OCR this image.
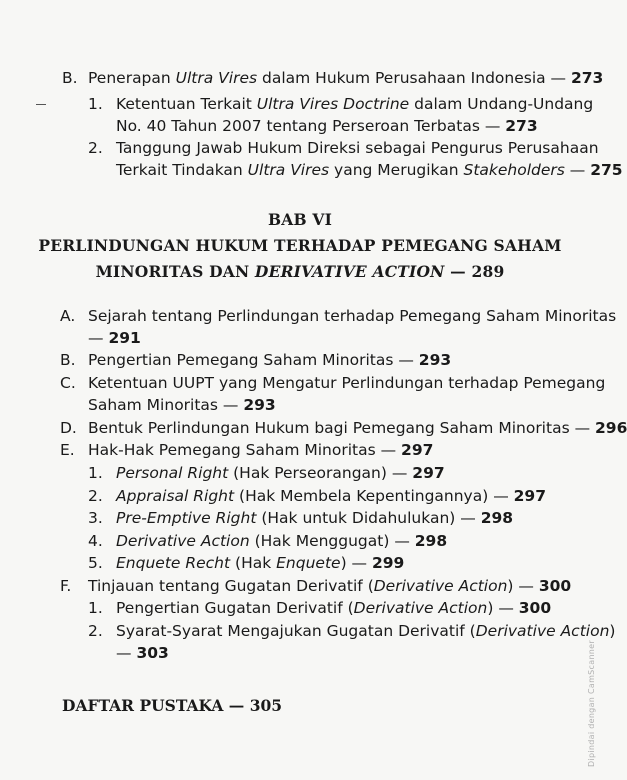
B. Penerapan Ultra Vires dalam Hukum Perusahaan Indonesia — 273
1. Ketentuan Terkait Ultra Vires Doctrine dalam Undang-Undang
No. 40 Tahun 2007 tentang Perseroan Terbatas — 273
2. Tanggung Jawab Hukum Direksi sebagai Pengurus Perusahaan
Terkait Tindakan Ultra Vires yang Merugikan Stakeholders — 275
BAB VI
PERLINDUNGAN HUKUM TERHADAP PEMEGANG SAHAM
MINORITAS DAN DERIVATIVE ACTION — 289
A. Sejarah tentang Perlindungan terhadap Pemegang Saham Minoritas
— 291
B. Pengertian Pemegang Saham Minoritas — 293
C. Ketentuan UUPT yang Mengatur Perlindungan terhadap Pemegang
Saham Minoritas — 293
D. Bentuk Perlindungan Hukum bagi Pemegang Saham Minoritas — 296
E. Hak-Hak Pemegang Saham Minoritas — 297
1. Personal Right (Hak Perseorangan) — 297
2. Appraisal Right (Hak Membela Kepentingannya) — 297
3. Pre-Emptive Right (Hak untuk Didahulukan) — 298
4. Derivative Action (Hak Menggugat) — 298
5. Enquete Recht (Hak Enquete) — 299
F. Tinjauan tentang Gugatan Derivatif (Derivative Action) — 300
1. Pengertian Gugatan Derivatif (Derivative Action) — 300
2. Syarat-Syarat Mengajukan Gugatan Derivatif (Derivative Action)
— 303
DAFTAR PUSTAKA — 305	Dipindai dengan CamScanner
